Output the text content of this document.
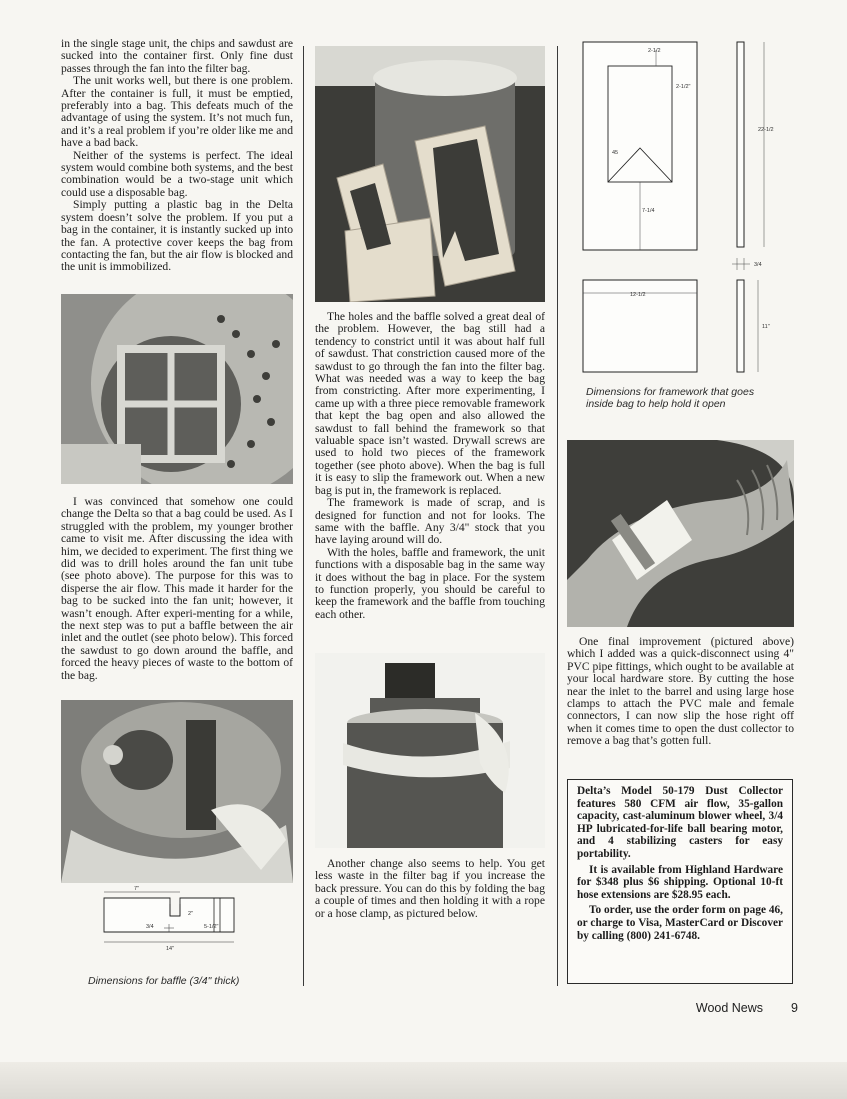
in the single stage unit, the chips and sawdust are sucked into the container first. Only fine dust passes through the fan into the filter bag.

The unit works well, but there is one problem. After the container is full, it must be emptied, preferably into a bag. This defeats much of the advantage of using the system. It’s not much fun, and it’s a real problem if you’re older like me and have a bad back.

Neither of the systems is perfect. The ideal system would combine both systems, and the best combination would be a two-stage unit which could use a disposable bag.

Simply putting a plastic bag in the Delta system doesn’t solve the problem. If you put a bag in the container, it is instantly sucked up into the fan. A protective cover keeps the bag from contacting the fan, but the air flow is blocked and the unit is immobilized.

I was convinced that somehow one could change the Delta so that a bag could be used. As I struggled with the problem, my younger brother came to visit me. After discussing the idea with him, we decided to experiment. The first thing we did was to drill holes around the fan unit tube (see photo above). The purpose for this was to disperse the air flow. This made it harder for the bag to be sucked into the fan unit; however, it wasn’t enough. After experi-menting for a while, the next step was to put a baffle between the air inlet and the outlet (see photo below). This forced the sawdust to go down around the baffle, and forced the heavy pieces of waste to the bottom of the bag.

7"
2"
3/4	5-1/2"
14"
Dimensions for baffle (3/4" thick)

The holes and the baffle solved a great deal of the problem. However, the bag still had a tendency to constrict until it was about half full of sawdust. That constriction caused more of the sawdust to go through the fan into the filter bag. What was needed was a way to keep the bag from constricting. After more experimenting, I came up with a three piece removable framework that kept the bag open and also allowed the sawdust to fall behind the framework so that valuable space isn’t wasted. Drywall screws are used to hold two pieces of the framework together (see photo above). When the bag is full it is easy to slip the framework out. When a new bag is put in, the framework is replaced.

The framework is made of scrap, and is designed for function and not for looks. The same with the baffle. Any 3/4" stock that you have laying around will do.

With the holes, baffle and framework, the unit functions with a disposable bag in the same way it does without the bag in place. For the system to function properly, you should be careful to keep the framework and the baffle from touching each other.

Another change also seems to help. You get less waste in the filter bag if you increase the back pressure. You can do this by folding the bag a couple of times and then holding it with a rope or a hose clamp, as pictured below.

2-1/2
2-1/2"
45
7-1/4
22-1/2
3/4
12-1/2
11"
Dimensions for framework that goes inside bag to help hold it open

One final improvement (pictured above) which I added was a quick-disconnect using 4" PVC pipe fittings, which ought to be available at your local hardware store. By cutting the hose near the inlet to the barrel and using large hose clamps to attach the PVC male and female connectors, I can now slip the hose right off when it comes time to open the dust collector to remove a bag that’s gotten full.

Delta’s Model 50-179 Dust Collector features 580 CFM air flow, 35-gallon capacity, cast-aluminum blower wheel, 3/4 HP lubricated-for-life ball bearing motor, and 4 stabilizing casters for easy portability.

It is available from Highland Hardware for $348 plus $6 shipping. Optional 10-ft hose extensions are $28.95 each.

To order, use the order form on page 46, or charge to Visa, MasterCard or Discover by calling (800) 241-6748.

Wood News 9
